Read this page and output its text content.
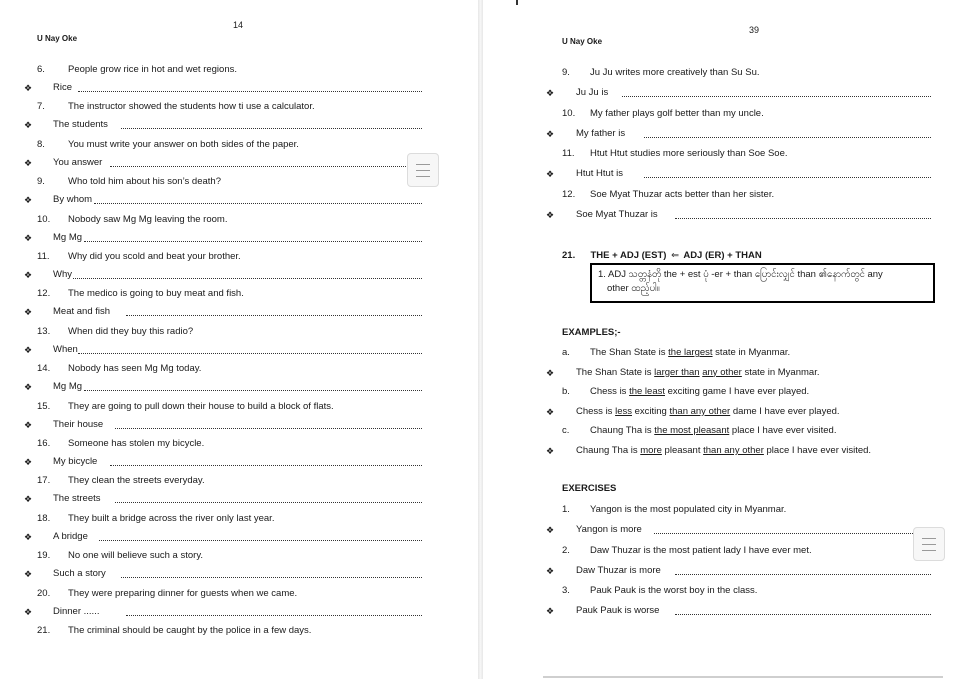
14
U Nay Oke
6. People grow rice in hot and wet regions.
❖ Rice
7. The instructor showed the students how ti use a calculator.
❖ The students
8. You must write your answer on both sides of the paper.
❖ You answer
9. Who told him about his son’s death?
❖ By whom
10. Nobody saw Mg Mg leaving the room.
❖ Mg Mg
11. Why did you scold and beat your brother.
❖ Why
12. The medico is going to buy meat and fish.
❖ Meat and fish
13. When did they buy this radio?
❖ When
14. Nobody has seen Mg Mg today.
❖ Mg Mg
15. They are going to pull down their house to build a block of flats.
❖ Their house
16. Someone has stolen my bicycle.
❖ My bicycle
17. They clean the streets everyday.
❖ The streets
18. They built a bridge across the river only last year.
❖ A bridge
19. No one will believe such a story.
❖ Such a story
20. They were preparing dinner for guests when we came.
❖ Dinner ......
21. The criminal should be caught by the police in a few days.
39
U Nay Oke
9. Ju Ju writes more creatively than Su Su.
❖ Ju Ju is
10. My father plays golf better than my uncle.
❖ My father is
11. Htut Htut studies more seriously than Soe Soe.
❖ Htut Htut is
12. Soe Myat Thuzar acts better than her sister.
❖ Soe Myat Thuzar is
21. THE + ADJ (EST) ⇐ ADJ (ER) + THAN
1. ADJ သတ္တနံတို the + est ပုံ -er + than ပြောင်းလျှင် than ၏နောက်တွင် any
other ထည့်ပါ။
EXAMPLES;-
a. The Shan State is the largest state in Myanmar.
❖ The Shan State is larger than any other state in Myanmar.
b. Chess is the least exciting game I have ever played.
❖ Chess is less exciting than any other dame I have ever played.
c. Chaung Tha is the most pleasant place I have ever visited.
❖ Chaung Tha is more pleasant than any other place I have ever visited.
EXERCISES
1. Yangon is the most populated city in Myanmar.
❖ Yangon is more
2. Daw Thuzar is the most patient lady I have ever met.
❖ Daw Thuzar is more
3. Pauk Pauk is the worst boy in the class.
❖ Pauk Pauk is worse
